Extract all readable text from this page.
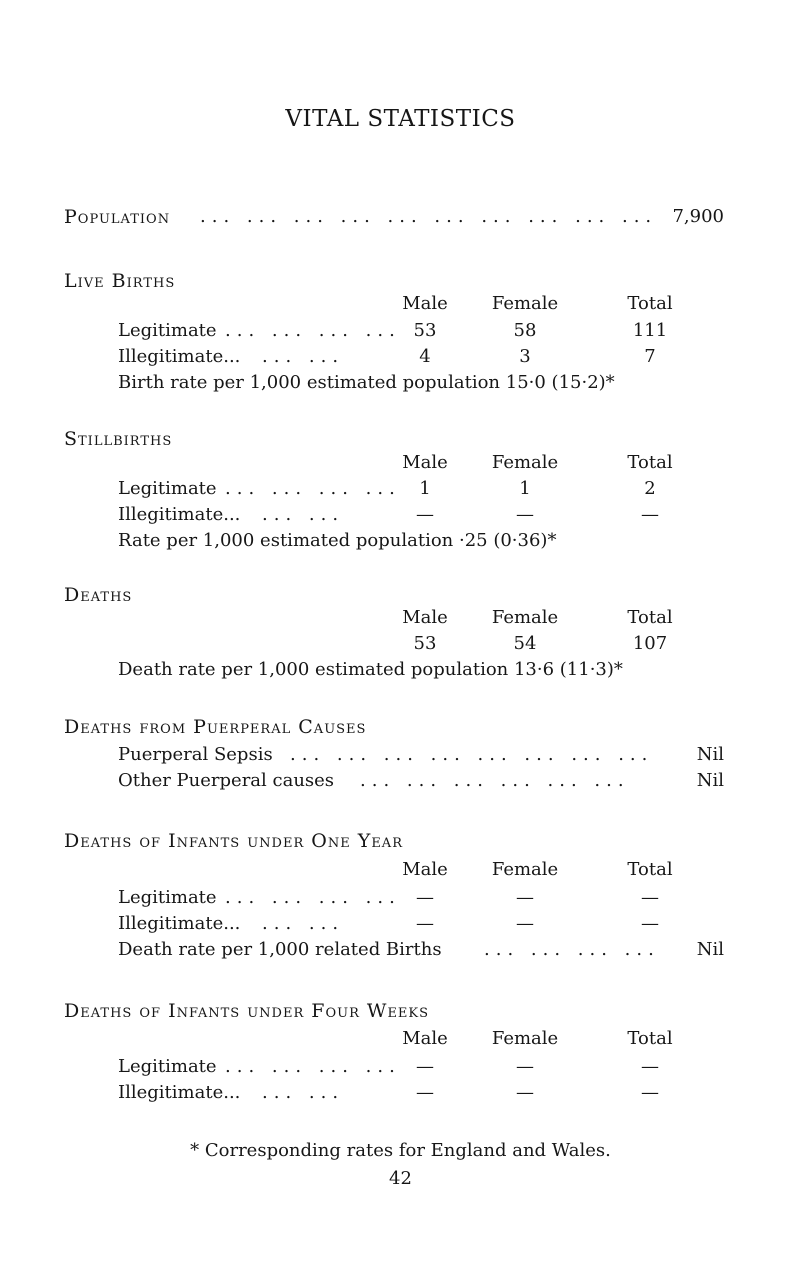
VITAL STATISTICS
Population ... ... ... ... ... ... ... ... ... ... 7,900
Live Births
Male	Female	Total
Legitimate ... ... ... ... 53	58	111
Illegitimate... ... ...	4	3	7
Birth rate per 1,000 estimated population 15·0 (15·2)*
Stillbirths
Male	Female	Total
Legitimate ... ... ... ...	1	1	2
Illegitimate... ... ...	—	—	—
Rate per 1,000 estimated population ·25 (0·36)*
Deaths
Male	Female	Total
53	54	107
Death rate per 1,000 estimated population 13·6 (11·3)*
Deaths from Puerperal Causes
Puerperal Sepsis ... ... ... ... ... ... ... ... Nil
Other Puerperal causes ... ... ... ... ... ...	Nil
Deaths of Infants under One Year
Male	Female	Total
Legitimate ... ... ... ... —	—	—
Illegitimate... ... ...	—	—	—
Death rate per 1,000 related Births ... ... ... ... Nil
Deaths of Infants under Four Weeks
Male	Female	Total
Legitimate ... ... ... ... —	—	—
Illegitimate... ... ...	—	—	—
* Corresponding rates for England and Wales.
42
